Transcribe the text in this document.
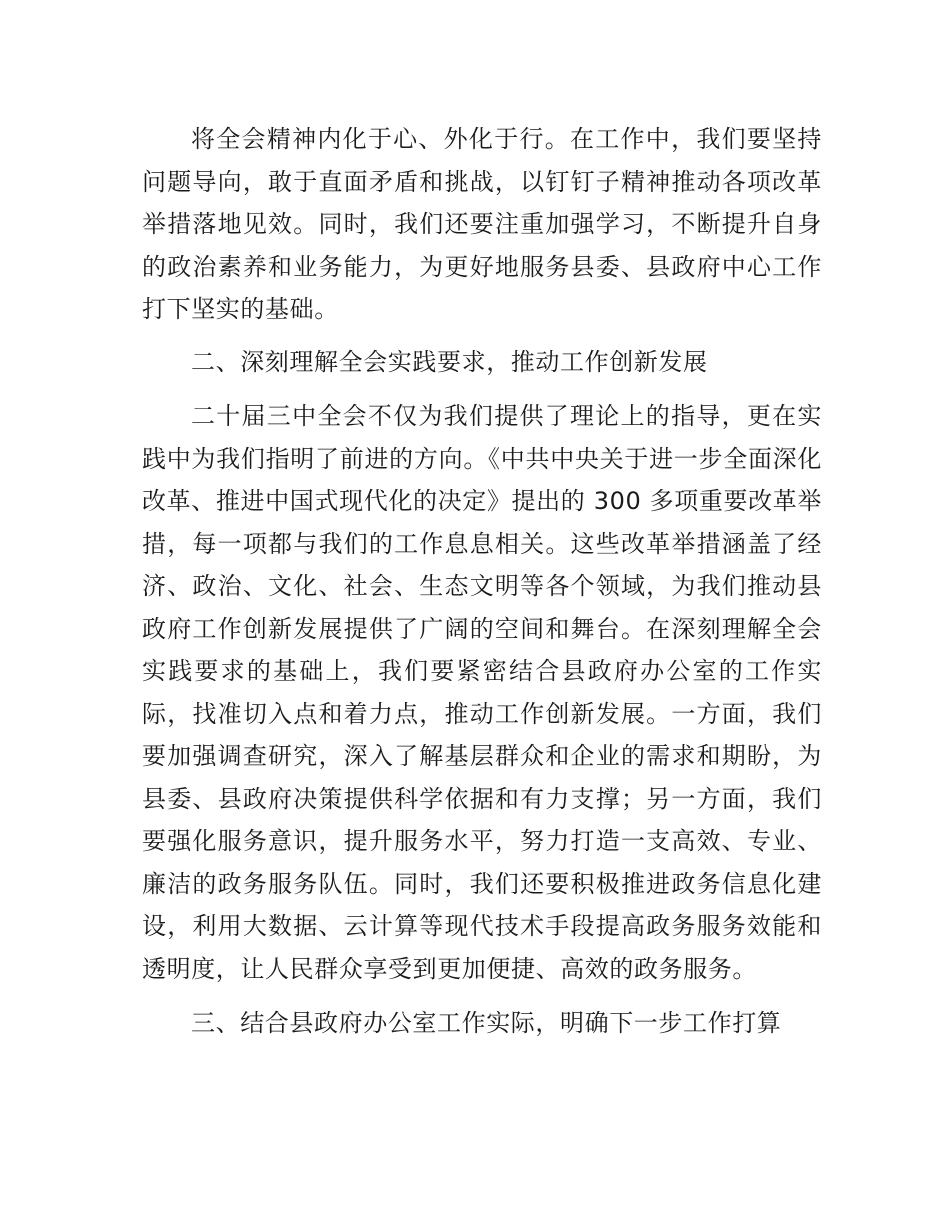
将全会精神内化于心、外化于行。在工作中，我们要坚持问题导向，敢于直面矛盾和挑战，以钉钉子精神推动各项改革举措落地见效。同时，我们还要注重加强学习，不断提升自身的政治素养和业务能力，为更好地服务县委、县政府中心工作打下坚实的基础。

二、深刻理解全会实践要求，推动工作创新发展

二十届三中全会不仅为我们提供了理论上的指导，更在实践中为我们指明了前进的方向。《中共中央关于进一步全面深化改革、推进中国式现代化的决定》提出的 300 多项重要改革举措，每一项都与我们的工作息息相关。这些改革举措涵盖了经济、政治、文化、社会、生态文明等各个领域，为我们推动县政府工作创新发展提供了广阔的空间和舞台。在深刻理解全会实践要求的基础上，我们要紧密结合县政府办公室的工作实际，找准切入点和着力点，推动工作创新发展。一方面，我们要加强调查研究，深入了解基层群众和企业的需求和期盼，为县委、县政府决策提供科学依据和有力支撑；另一方面，我们要强化服务意识，提升服务水平，努力打造一支高效、专业、廉洁的政务服务队伍。同时，我们还要积极推进政务信息化建设，利用大数据、云计算等现代技术手段提高政务服务效能和透明度，让人民群众享受到更加便捷、高效的政务服务。

三、结合县政府办公室工作实际，明确下一步工作打算
